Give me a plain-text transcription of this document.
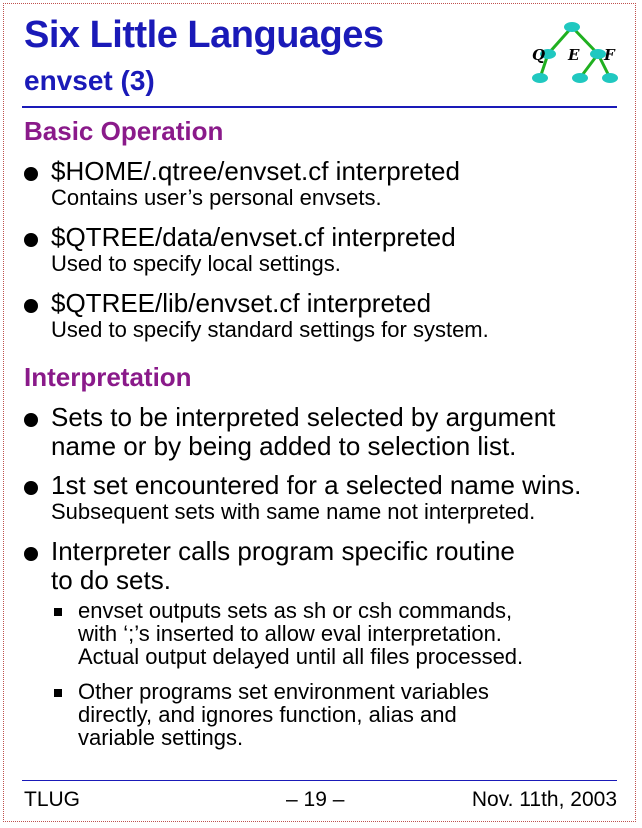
Six Little Languages
envset (3)
Q E F
Basic Operation
$HOME/.qtree/envset.cf interpreted
Contains user’s personal envsets.
$QTREE/data/envset.cf interpreted
Used to specify local settings.
$QTREE/lib/envset.cf interpreted
Used to specify standard settings for system.
Interpretation
Sets to be interpreted selected by argument
name or by being added to selection list.
1st set encountered for a selected name wins.
Subsequent sets with same name not interpreted.
Interpreter calls program specific routine
to do sets.
envset outputs sets as sh or csh commands,
with ‘;’s inserted to allow eval interpretation.
Actual output delayed until all files processed.
Other programs set environment variables
directly, and ignores function, alias and
variable settings.
TLUG	– 19 –	Nov. 11th, 2003
